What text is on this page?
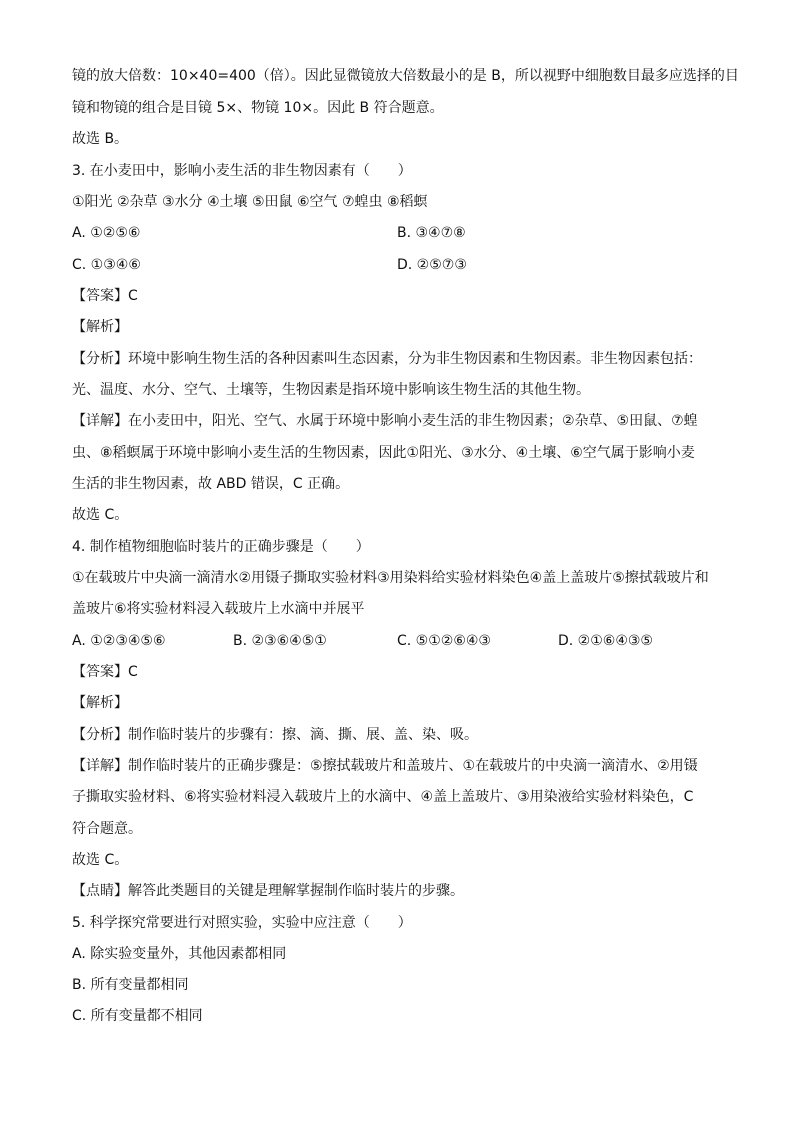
镜的放大倍数：10×40=400（倍）。因此显微镜放大倍数最小的是 B，所以视野中细胞数目最多应选择的目
镜和物镜的组合是目镜 5×、物镜 10×。因此 B 符合题意。
故选 B。
3. 在小麦田中，影响小麦生活的非生物因素有（　　）
①阳光 ②杂草 ③水分 ④土壤 ⑤田鼠 ⑥空气 ⑦蝗虫 ⑧稻螟
A. ①②⑤⑥	B. ③④⑦⑧
C. ①③④⑥	D. ②⑤⑦③
【答案】C
【解析】
【分析】环境中影响生物生活的各种因素叫生态因素，分为非生物因素和生物因素。非生物因素包括：
光、温度、水分、空气、土壤等，生物因素是指环境中影响该生物生活的其他生物。
【详解】在小麦田中，阳光、空气、水属于环境中影响小麦生活的非生物因素；②杂草、⑤田鼠、⑦蝗
虫、⑧稻螟属于环境中影响小麦生活的生物因素，因此①阳光、③水分、④土壤、⑥空气属于影响小麦
生活的非生物因素，故 ABD 错误，C 正确。
故选 C。
4. 制作植物细胞临时装片的正确步骤是（　　）
①在载玻片中央滴一滴清水②用镊子撕取实验材料③用染料给实验材料染色④盖上盖玻片⑤擦拭载玻片和
盖玻片⑥将实验材料浸入载玻片上水滴中并展平
A. ①②③④⑤⑥	B. ②③⑥④⑤①	C. ⑤①②⑥④③	D. ②①⑥④③⑤
【答案】C
【解析】
【分析】制作临时装片的步骤有：擦、滴、撕、展、盖、染、吸。
【详解】制作临时装片的正确步骤是：⑤擦拭载玻片和盖玻片、①在载玻片的中央滴一滴清水、②用镊
子撕取实验材料、⑥将实验材料浸入载玻片上的水滴中、④盖上盖玻片、③用染液给实验材料染色，C
符合题意。
故选 C。
【点睛】解答此类题目的关键是理解掌握制作临时装片的步骤。
5. 科学探究常要进行对照实验，实验中应注意（　　）
A. 除实验变量外，其他因素都相同
B. 所有变量都相同
C. 所有变量都不相同
